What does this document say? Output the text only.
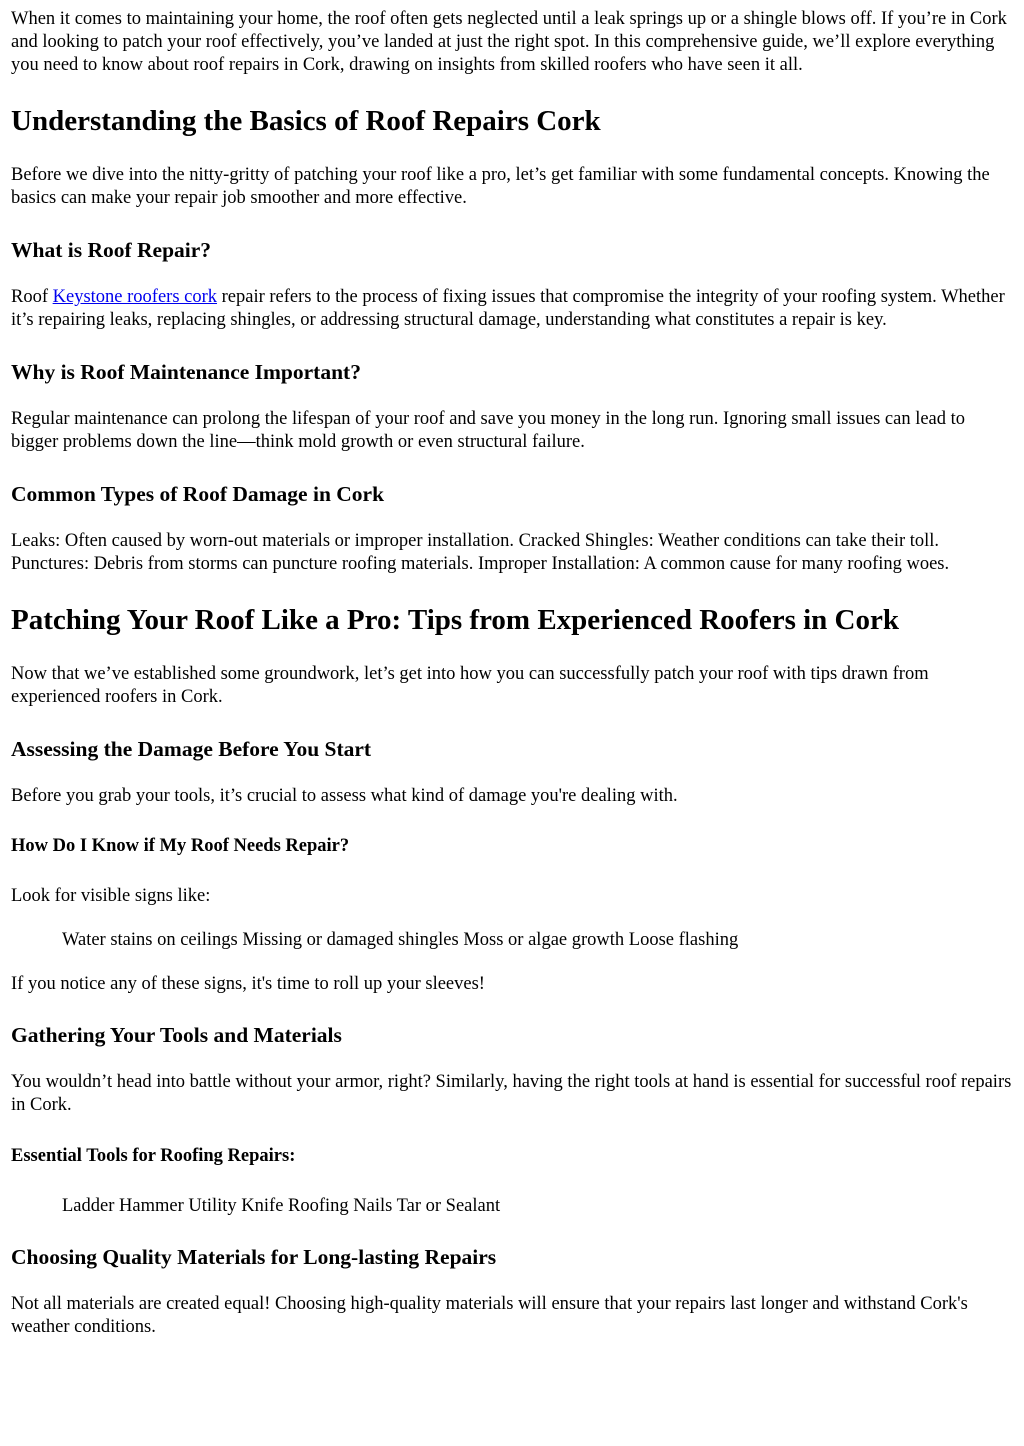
When it comes to maintaining your home, the roof often gets neglected until a leak springs up or a shingle blows off. If you’re in Cork and looking to patch your roof effectively, you’ve landed at just the right spot. In this comprehensive guide, we’ll explore everything you need to know about roof repairs in Cork, drawing on insights from skilled roofers who have seen it all.

Understanding the Basics of Roof Repairs Cork

Before we dive into the nitty-gritty of patching your roof like a pro, let’s get familiar with some fundamental concepts. Knowing the basics can make your repair job smoother and more effective.

What is Roof Repair?

Roof Keystone roofers cork repair refers to the process of fixing issues that compromise the integrity of your roofing system. Whether it’s repairing leaks, replacing shingles, or addressing structural damage, understanding what constitutes a repair is key.

Why is Roof Maintenance Important?

Regular maintenance can prolong the lifespan of your roof and save you money in the long run. Ignoring small issues can lead to bigger problems down the line—think mold growth or even structural failure.

Common Types of Roof Damage in Cork

Leaks: Often caused by worn-out materials or improper installation. Cracked Shingles: Weather conditions can take their toll. Punctures: Debris from storms can puncture roofing materials. Improper Installation: A common cause for many roofing woes.

Patching Your Roof Like a Pro: Tips from Experienced Roofers in Cork

Now that we’ve established some groundwork, let’s get into how you can successfully patch your roof with tips drawn from experienced roofers in Cork.

Assessing the Damage Before You Start

Before you grab your tools, it’s crucial to assess what kind of damage you're dealing with.

How Do I Know if My Roof Needs Repair?

Look for visible signs like:

Water stains on ceilings Missing or damaged shingles Moss or algae growth Loose flashing

If you notice any of these signs, it's time to roll up your sleeves!

Gathering Your Tools and Materials

You wouldn’t head into battle without your armor, right? Similarly, having the right tools at hand is essential for successful roof repairs in Cork.

Essential Tools for Roofing Repairs:

Ladder Hammer Utility Knife Roofing Nails Tar or Sealant

Choosing Quality Materials for Long-lasting Repairs

Not all materials are created equal! Choosing high-quality materials will ensure that your repairs last longer and withstand Cork's weather conditions.
